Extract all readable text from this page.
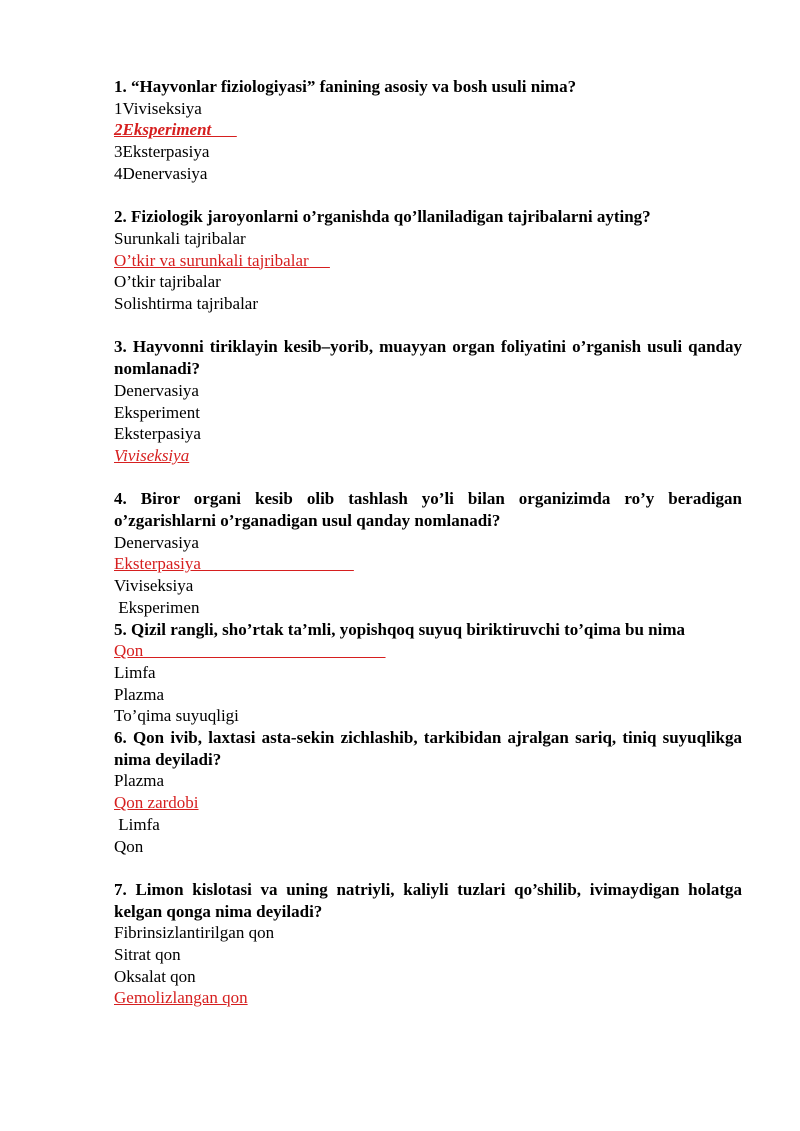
1. “Hayvonlar fiziologiyasi” fanining asosiy va bosh usuli nima?

1Viviseksiya
2Eksperiment
3Eksterpasiya
4Denervasiya

2. Fiziologik jaroyonlarni o’rganishda qo’llaniladigan tajribalarni ayting?

Surunkali tajribalar
O’tkir va surunkali tajribalar
O’tkir tajribalar
Solishtirma tajribalar

3. Hayvonni tiriklayin kesib–yorib, muayyan organ foliyatini o’rganish usuli qanday nomlanadi?

Denervasiya
Eksperiment
Eksterpasiya
Viviseksiya

4. Biror organi kesib olib tashlash yo’li bilan organizimda ro’y beradigan o’zgarishlarni o’rganadigan usul qanday nomlanadi?

Denervasiya
Eksterpasiya
Viviseksiya
Eksperimen

5. Qizil rangli, sho’rtak ta’mli, yopishqoq suyuq biriktiruvchi to’qima bu nima

Qon
Limfa
Plazma
To’qima suyuqligi

6. Qon ivib, laxtasi asta-sekin zichlashib, tarkibidan ajralgan sariq, tiniq suyuqlikga nima deyiladi?

Plazma
Qon zardobi
Limfa
Qon

7. Limon kislotasi va uning natriyli, kaliyli tuzlari qo’shilib, ivimaydigan holatga kelgan qonga nima deyiladi?

Fibrinsizlantirilgan qon
Sitrat qon
Oksalat qon
Gemolizlangan qon
